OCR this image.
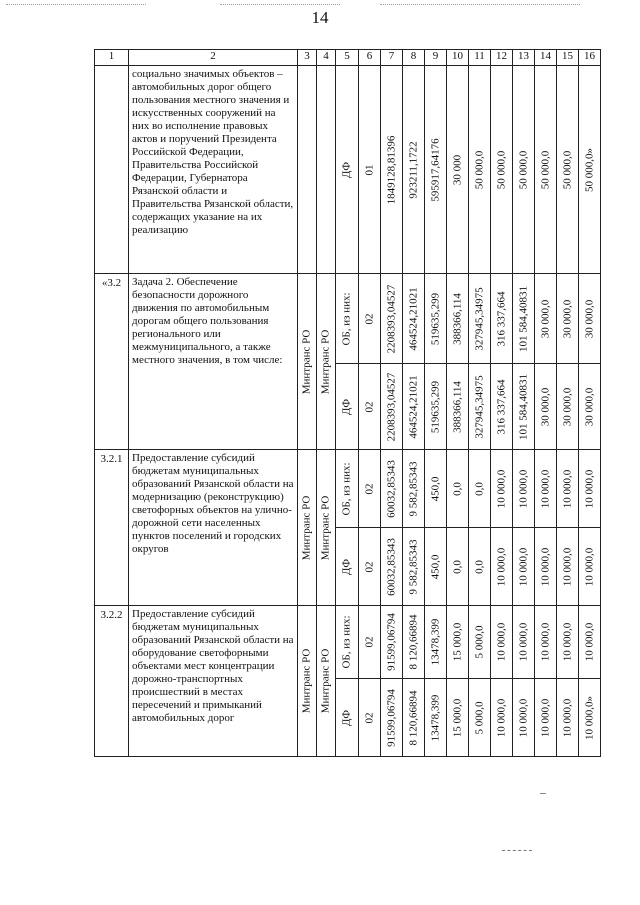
14
1	2	3	4	5	6	7	8	9	10	11	12	13	14	15	16
	социально значимых объектов – автомобильных дорог общего пользования местного значения и искусственных сооружений на них во исполнение правовых актов и поручений Президента Российской Федерации, Правительства Российской Федерации, Губернатора Рязанской области и Правительства Рязанской области, содержащих указание на их реализацию			ДФ	01	1849128,81396	923211,1722	595917,64176	30 000	50 000,0	50 000,0	50 000,0	50 000,0	50 000,0	50 000,0»

«3.2	Задача 2. Обеспечение безопасности дорожного движения по автомобильным дорогам общего пользования регионального или межмуниципального, а также местного значения, в том числе:	Минтранс РО	Минтранс РО	ОБ, из них:	02	2208393,04527	464524,21021	519635,299	388366,114	327945,34975	316 337,664	101 584,40831	30 000,0	30 000,0	30 000,0

				ДФ	02	2208393,04527	464524,21021	519635,299	388366,114	327945,34975	316 337,664	101 584,40831	30 000,0	30 000,0	30 000,0

3.2.1	Предоставление субсидий бюджетам муниципальных образований Рязанской области на модернизацию (реконструкцию) светофорных объектов на улично-дорожной сети населенных пунктов поселений и городских округов	Минтранс РО	Минтранс РО	ОБ, из них:	02	60032,85343	9 582,85343	450,0	0,0	0,0	10 000,0	10 000,0	10 000,0	10 000,0	10 000,0

				ДФ	02	60032,85343	9 582,85343	450,0	0,0	0,0	10 000,0	10 000,0	10 000,0	10 000,0	10 000,0

3.2.2	Предоставление субсидий бюджетам муниципальных образований Рязанской области на оборудование светофорными объектами мест концентрации дорожно-транспортных происшествий в местах пересечений и примыканий автомобильных дорог	Минтранс РО	Минтранс РО	ОБ, из них:	02	91599,06794	8 120,66894	13478,399	15 000,0	5 000,0	10 000,0	10 000,0	10 000,0	10 000,0	10 000,0

				ДФ	02	91599,06794	8 120,66894	13478,399	15 000,0	5 000,0	10 000,0	10 000,0	10 000,0	10 000,0	10 000,0»
